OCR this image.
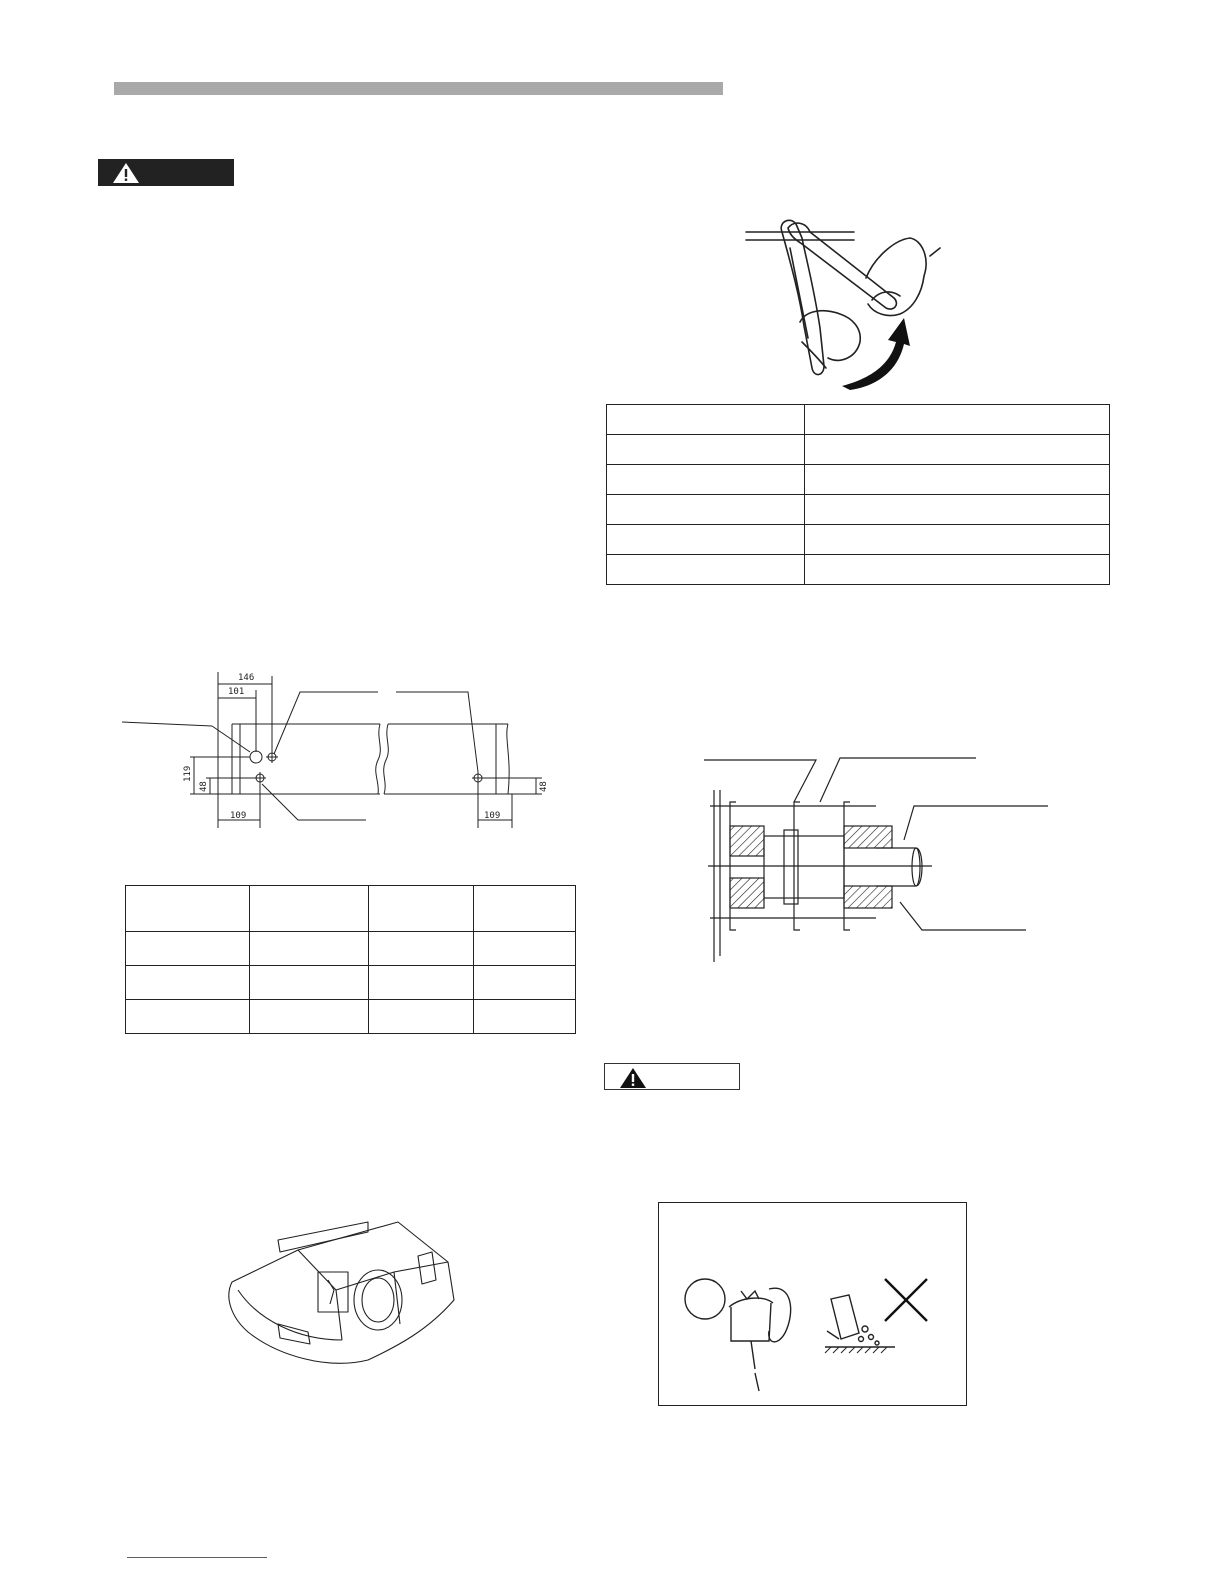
146
101
119
48
109	109
48
